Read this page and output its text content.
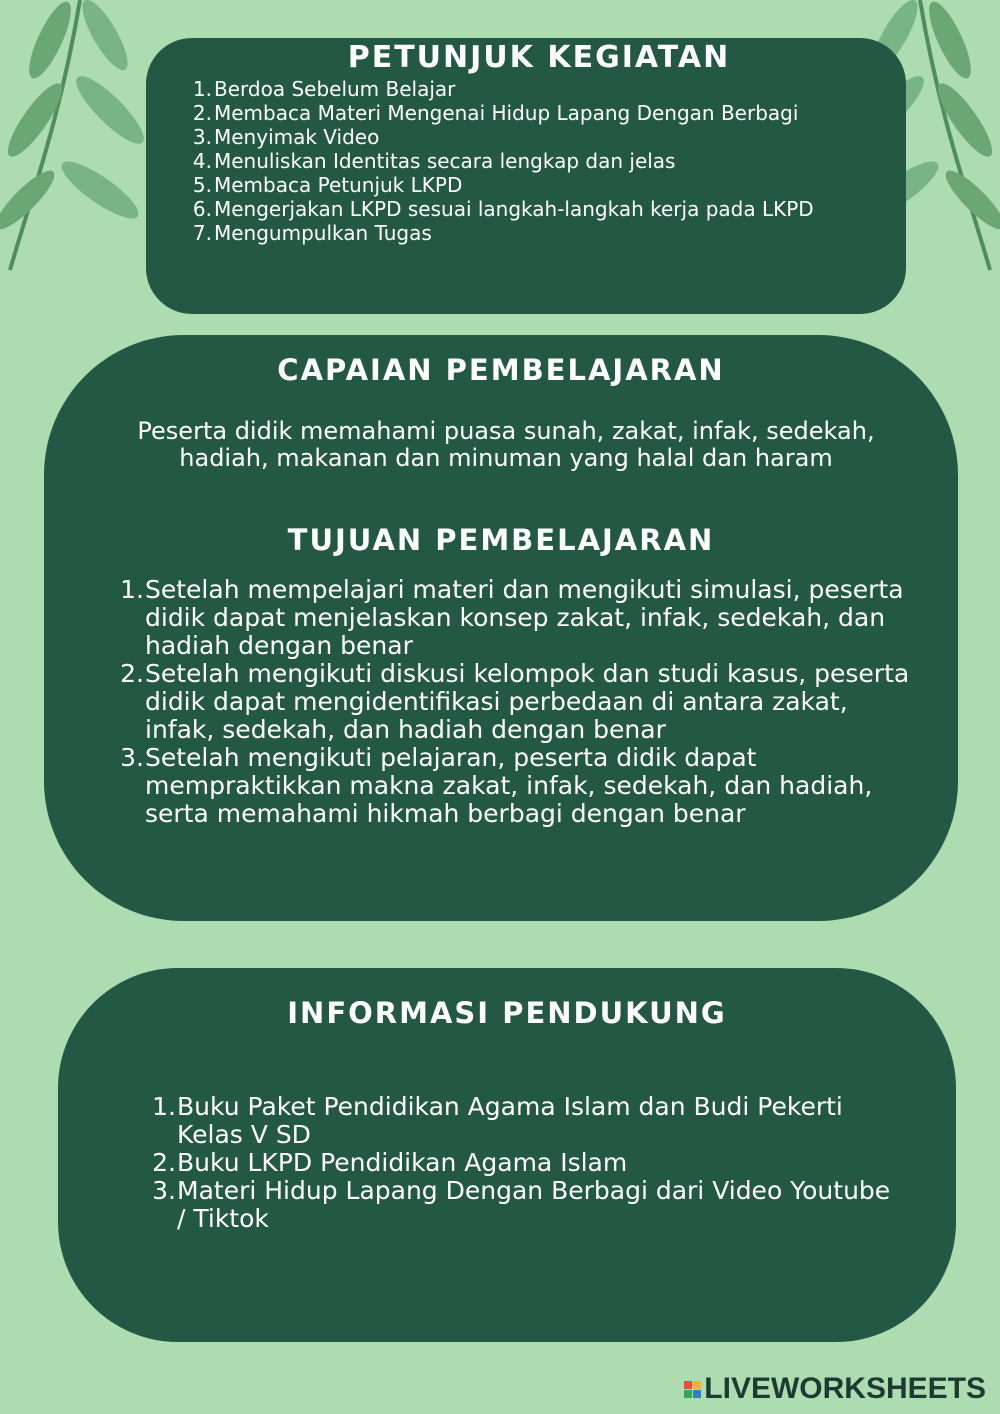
PETUNJUK KEGIATAN
1. Berdoa Sebelum Belajar
2. Membaca Materi Mengenai Hidup Lapang Dengan Berbagi
3. Menyimak Video
4. Menuliskan Identitas secara lengkap dan jelas
5. Membaca Petunjuk LKPD
6. Mengerjakan LKPD sesuai langkah-langkah kerja pada LKPD
7. Mengumpulkan Tugas
CAPAIAN PEMBELAJARAN

Peserta didik memahami puasa sunah, zakat, infak, sedekah, hadiah, makanan dan minuman yang halal dan haram

TUJUAN PEMBELAJARAN
1. Setelah mempelajari materi dan mengikuti simulasi, peserta didik dapat menjelaskan konsep zakat, infak, sedekah, dan hadiah dengan benar
2. Setelah mengikuti diskusi kelompok dan studi kasus, peserta didik dapat mengidentifikasi perbedaan di antara zakat, infak, sedekah, dan hadiah dengan benar
3. Setelah mengikuti pelajaran, peserta didik dapat mempraktikkan makna zakat, infak, sedekah, dan hadiah, serta memahami hikmah berbagi dengan benar
INFORMASI PENDUKUNG
1. Buku Paket Pendidikan Agama Islam dan Budi Pekerti Kelas V SD
2. Buku LKPD Pendidikan Agama Islam
3. Materi Hidup Lapang Dengan Berbagi dari Video Youtube / Tiktok
LIVEWORKSHEETS
